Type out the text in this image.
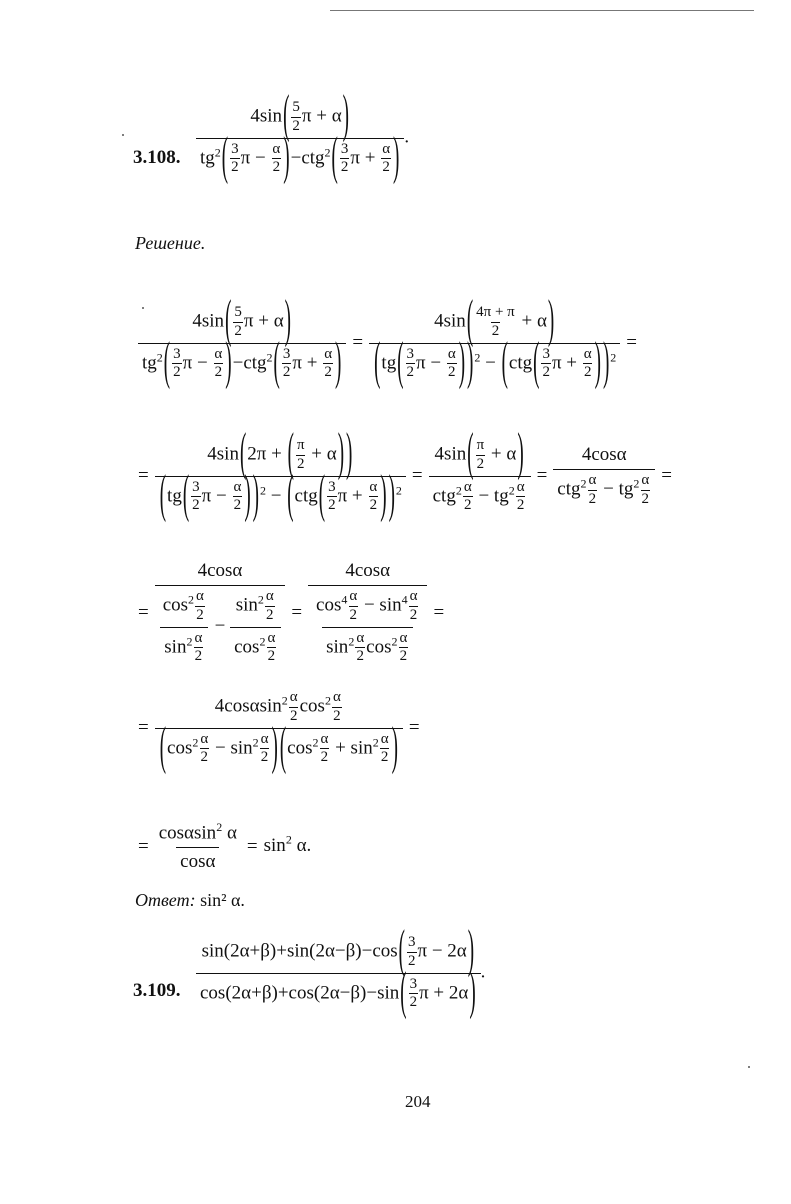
3.108. $\frac{4\sin( \frac{5}{2} \pi + \alpha)}{tg^2( \frac{3}{2} \pi - \frac{\alpha}{2} )-ctg^2( \frac{3}{2} \pi + \frac{\alpha}{2} )}$ .
Решение.
$\frac{4\sin( \frac{5}{2} \pi + \alpha)}{tg^2( \frac{3}{2} \pi - \frac{\alpha}{2} )-ctg^2( \frac{3}{2} \pi + \frac{\alpha}{2} )} = \frac{4\sin( \frac{4\pi + \pi}{2} + \alpha)}{(tg( \frac{3}{2} \pi - \frac{\alpha}{2} ) )^2 - (ctg( \frac{3}{2} \pi + \frac{\alpha}{2} ) )^2}$ =
= $\frac{4\sin(2\pi + ( \frac{\pi}{2} + \alpha) )}{(tg( \frac{3}{2} \pi - \frac{\alpha}{2} ) )^2 - (ctg( \frac{3}{2} \pi + \frac{\alpha}{2} ) )^2} = \frac{4\sin( \frac{\pi}{2} + \alpha)}{ctg^2 \frac{\alpha}{2} - tg^2 \frac{\alpha}{2}} = \frac{4\cos\alpha}{ctg^2 \frac{\alpha}{2} - tg^2 \frac{\alpha}{2}}$ =
= $\frac{4\cos\alpha}{\frac{\cos^2 \frac{\alpha}{2}}{\sin^2 \frac{\alpha}{2}} - \frac{\sin^2 \frac{\alpha}{2}}{\cos^2 \frac{\alpha}{2}}} = \frac{4\cos\alpha}{\frac{\cos^4 \frac{\alpha}{2} - \sin^4 \frac{\alpha}{2}}{\sin^2 \frac{\alpha}{2} \cos^2 \frac{\alpha}{2}}}$ =
= $\frac{4\cos\alpha\sin^2 \frac{\alpha}{2} \cos^2 \frac{\alpha}{2}}{(\cos^2 \frac{\alpha}{2} - \sin^2 \frac{\alpha}{2} ) (\cos^2 \frac{\alpha}{2} + \sin^2 \frac{\alpha}{2} )}$ =
= $\frac{\cos\alpha\sin^2 \alpha}{\cos\alpha} = \sin^2 \alpha$.
Ответ: sin² α.
3.109. $\frac{\sin(2\alpha+\beta)+\sin(2\alpha-\beta)-\cos( \frac{3}{2} \pi - 2\alpha)}{\cos(2\alpha+\beta)+\cos(2\alpha-\beta)-\sin( \frac{3}{2} \pi + 2\alpha)}$ .
204
